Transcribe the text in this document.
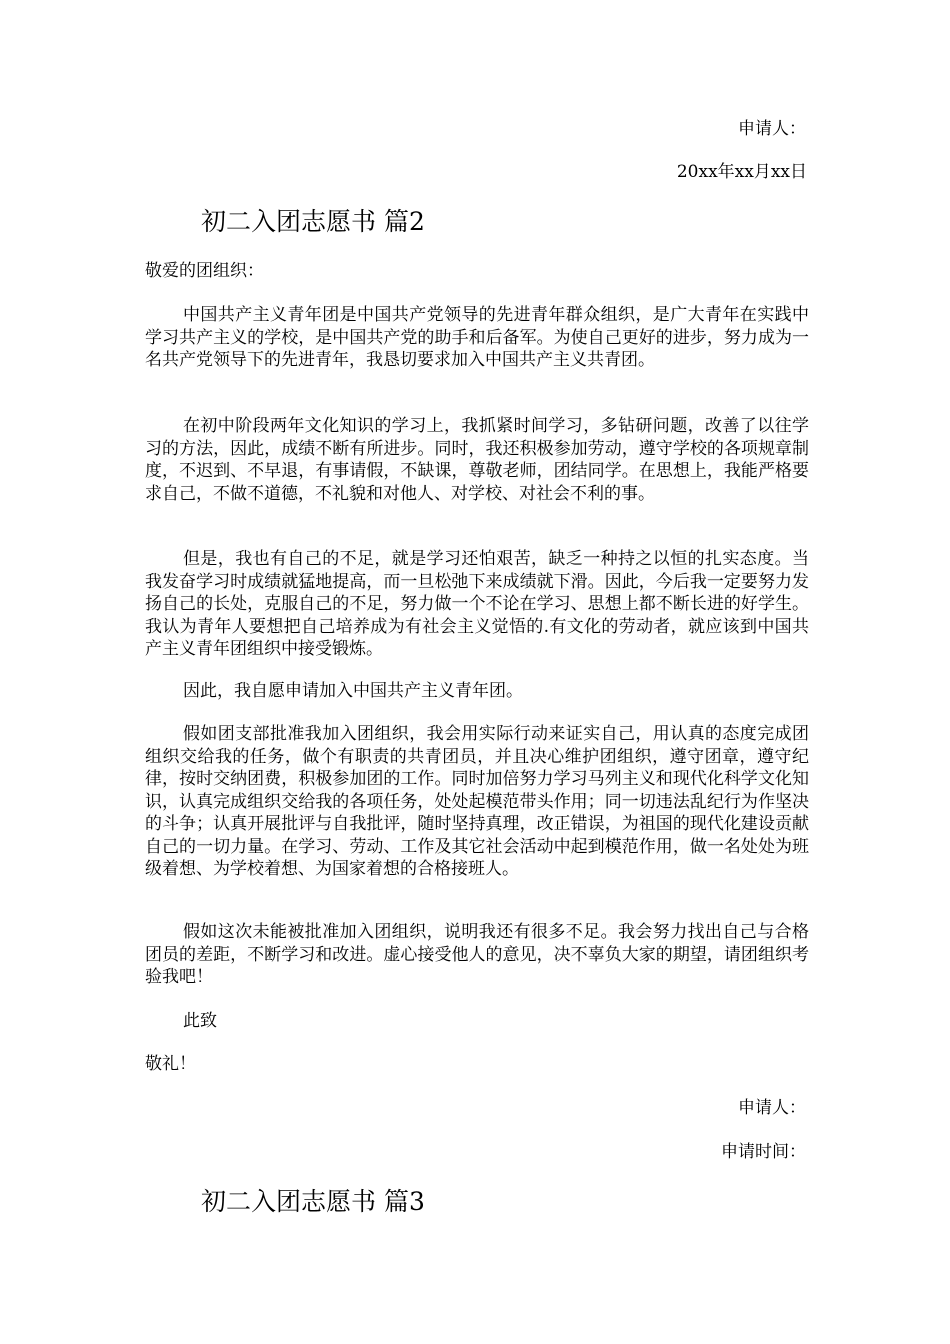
申请人：
20xx年xx月xx日
初二入团志愿书 篇2
敬爱的团组织：

中国共产主义青年团是中国共产党领导的先进青年群众组织，是广大青年在实践中学习共产主义的学校，是中国共产党的助手和后备军。为使自己更好的进步，努力成为一名共产党领导下的先进青年，我恳切要求加入中国共产主义共青团。

在初中阶段两年文化知识的学习上，我抓紧时间学习，多钻研问题，改善了以往学习的方法，因此，成绩不断有所进步。同时，我还积极参加劳动，遵守学校的各项规章制度，不迟到、不早退，有事请假，不缺课，尊敬老师，团结同学。在思想上，我能严格要求自己，不做不道德，不礼貌和对他人、对学校、对社会不利的事。

但是，我也有自己的不足，就是学习还怕艰苦，缺乏一种持之以恒的扎实态度。当我发奋学习时成绩就猛地提高，而一旦松弛下来成绩就下滑。因此，今后我一定要努力发扬自己的长处，克服自己的不足，努力做一个不论在学习、思想上都不断长进的好学生。我认为青年人要想把自己培养成为有社会主义觉悟的.有文化的劳动者，就应该到中国共产主义青年团组织中接受锻炼。

因此，我自愿申请加入中国共产主义青年团。

假如团支部批准我加入团组织，我会用实际行动来证实自己，用认真的态度完成团组织交给我的任务，做个有职责的共青团员，并且决心维护团组织，遵守团章，遵守纪律，按时交纳团费，积极参加团的工作。同时加倍努力学习马列主义和现代化科学文化知识，认真完成组织交给我的各项任务，处处起模范带头作用；同一切违法乱纪行为作坚决的斗争；认真开展批评与自我批评，随时坚持真理，改正错误，为祖国的现代化建设贡献自己的一切力量。在学习、劳动、工作及其它社会活动中起到模范作用，做一名处处为班级着想、为学校着想、为国家着想的合格接班人。

假如这次未能被批准加入团组织，说明我还有很多不足。我会努力找出自己与合格团员的差距，不断学习和改进。虚心接受他人的意见，决不辜负大家的期望，请团组织考验我吧！

此致
敬礼！
申请人：
申请时间：
初二入团志愿书 篇3
